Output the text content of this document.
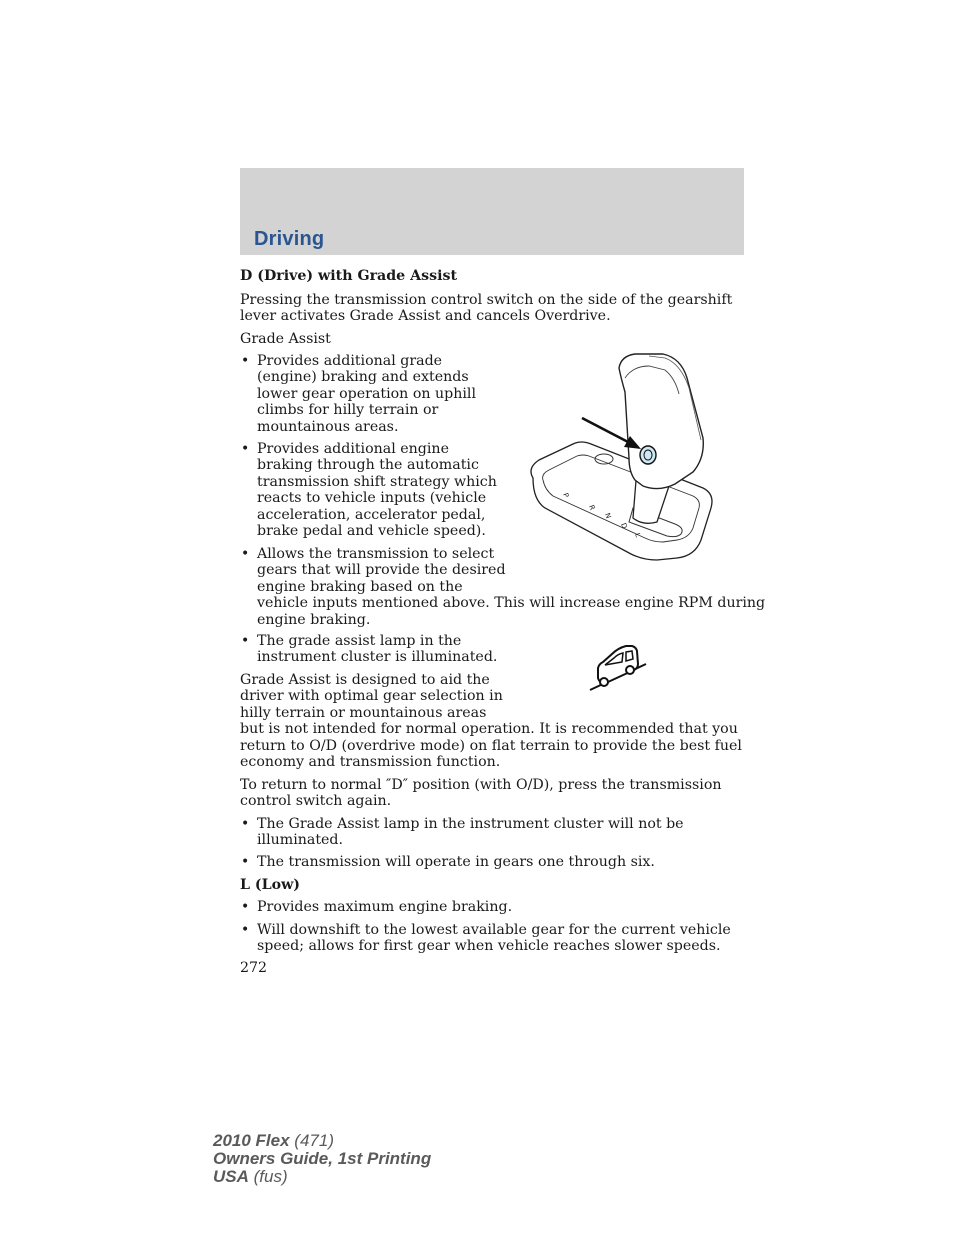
Driving
D (Drive) with Grade Assist
Pressing the transmission control switch on the side of the gearshift
lever activates Grade Assist and cancels Overdrive.
Grade Assist
• Provides additional grade
(engine) braking and extends
lower gear operation on uphill
climbs for hilly terrain or
mountainous areas.
• Provides additional engine
braking through the automatic
transmission shift strategy which
reacts to vehicle inputs (vehicle
acceleration, accelerator pedal,
brake pedal and vehicle speed).
• Allows the transmission to select
gears that will provide the desired
engine braking based on the
vehicle inputs mentioned above. This will increase engine RPM during
engine braking.
• The grade assist lamp in the
instrument cluster is illuminated.
Grade Assist is designed to aid the
driver with optimal gear selection in
hilly terrain or mountainous areas
but is not intended for normal operation. It is recommended that you
return to O/D (overdrive mode) on flat terrain to provide the best fuel
economy and transmission function.
To return to normal ″D″ position (with O/D), press the transmission
control switch again.
• The Grade Assist lamp in the instrument cluster will not be
illuminated.
• The transmission will operate in gears one through six.
L (Low)
• Provides maximum engine braking.
• Will downshift to the lowest available gear for the current vehicle
speed; allows for first gear when vehicle reaches slower speeds.
272
P
R
N
D
L
2010 Flex (471)
Owners Guide, 1st Printing
USA (fus)
